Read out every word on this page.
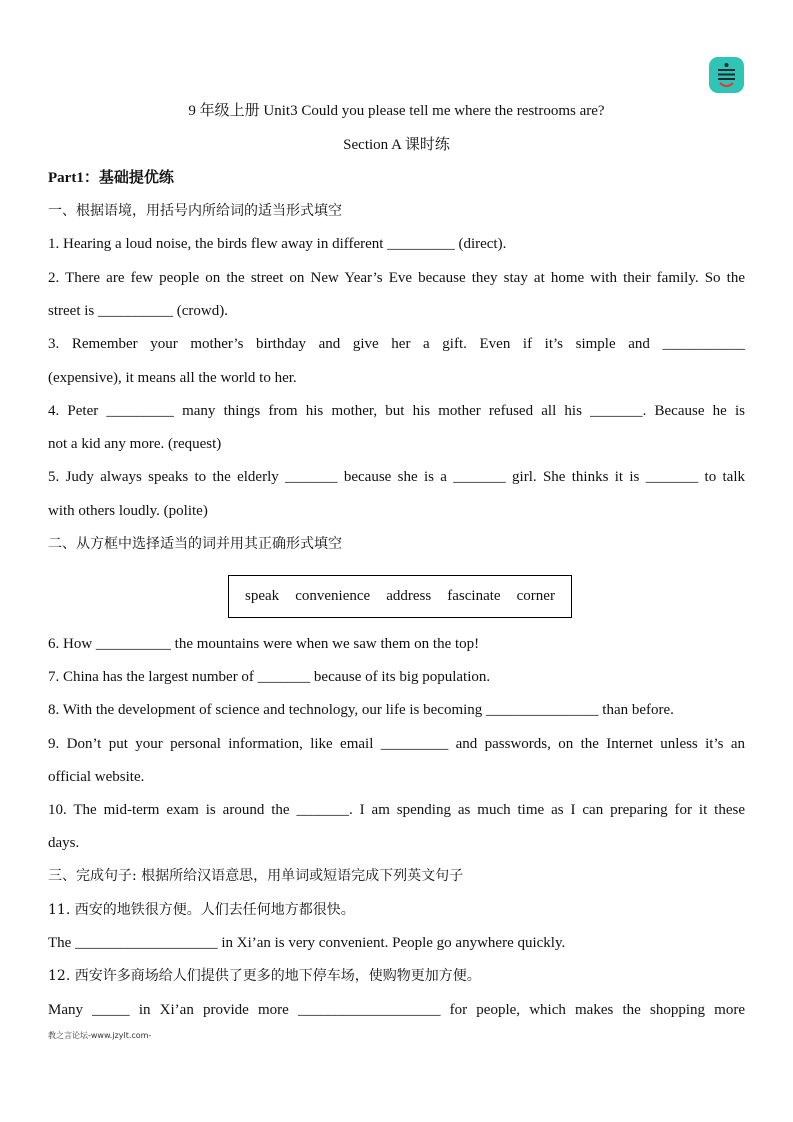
9 年级上册 Unit3 Could you please tell me where the restrooms are?
Section A 课时练
Part1：基础提优练
一、根据语境，用括号内所给词的适当形式填空
1. Hearing a loud noise, the birds flew away in different _________ (direct).
2. There are few people on the street on New Year’s Eve because they stay at home with their family. So the
street is __________ (crowd).
3. Remember your mother’s birthday and give her a gift. Even if it’s simple and ___________
(expensive), it means all the world to her.
4. Peter _________ many things from his mother, but his mother refused all his _______. Because he is
not a kid any more. (request)
5. Judy always speaks to the elderly _______ because she is a _______ girl. She thinks it is _______ to talk
with others loudly. (polite)
二、从方框中选择适当的词并用其正确形式填空
speak convenience address fascinate corner
6. How __________ the mountains were when we saw them on the top!
7. China has the largest number of _______ because of its big population.
8. With the development of science and technology, our life is becoming _______________ than before.
9. Don’t put your personal information, like email _________ and passwords, on the Internet unless it’s an
official website.
10. The mid-term exam is around the _______. I am spending as much time as I can preparing for it these
days.
三、完成句子: 根据所给汉语意思，用单词或短语完成下列英文句子
11. 西安的地铁很方便。人们去任何地方都很快。
The ___________________ in Xi’an is very convenient. People go anywhere quickly.
12. 西安许多商场给人们提供了更多的地下停车场，使购物更加方便。
Many _____ in Xi’an provide more ___________________ for people, which makes the shopping more
教之言论坛-www.jzylt.com-
